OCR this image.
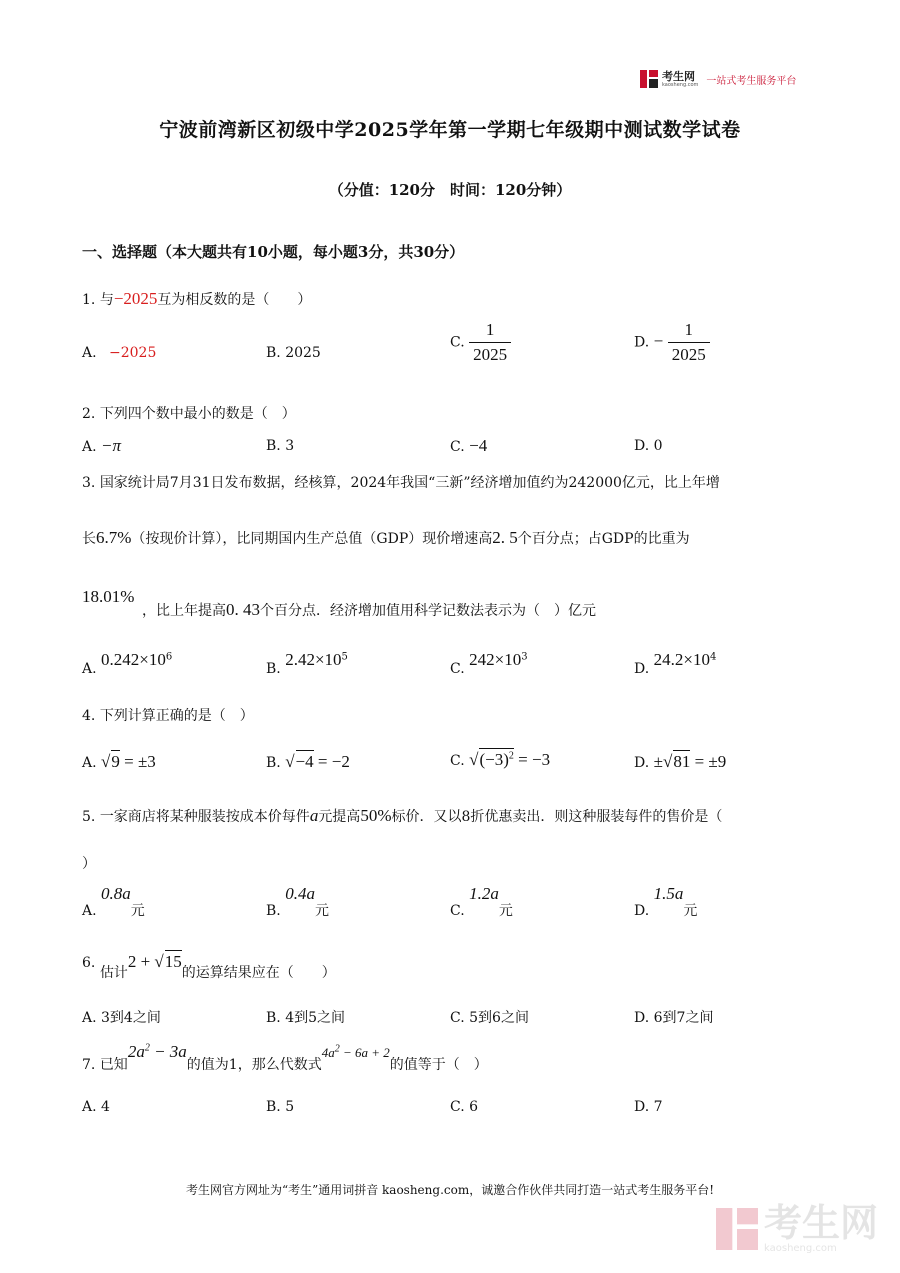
考生网
kaosheng.com 一站式考生服务平台
宁波前湾新区初级中学2025学年第一学期七年级期中测试数学试卷
（分值：120分　时间：120分钟）
一、选择题（本大题共有10小题，每小题3分，共30分）
1. 与−2025互为相反数的是（　　）
A. −2025	B. 2025
C. $\frac{1}{2025}$	D. − $\frac{1}{2025}$
2. 下列四个数中最小的数是（　）
A. −π	B. 3	C. −4	D. 0
3. 国家统计局7月31日发布数据，经核算，2024年我国“三新”经济增加值约为242000亿元，比上年增
长6.7%（按现价计算），比同期国内生产总值（GDP）现价增速高2. 5个百分点；占GDP的比重为
18.01%
，比上年提高0. 43个百分点．经济增加值用科学记数法表示为（　）亿元
A. $0.242\times 10^6$
B. $2.42\times 10^5$
C. $242\times 10^3$
D. $24.2\times 10^4$
4. 下列计算正确的是（　）
A. √9 = ±3	B. √−4 = −2	C. $√(-3)^2 = -3$	D. ±√81 = ±9
5. 一家商店将某种服装按成本价每件a元提高50%标价．又以8折优惠卖出．则这种服装每件的售价是（
）
A. 0.8a元	B. 0.4a元	C. 1.2a元	D. 1.5a元
6. 估计2 + √15的运算结果应在（　　）
A. 3到4之间	B. 4到5之间	C. 5到6之间	D. 6到7之间
7. 已知$2a^2 - 3a$的值为1，那么代数式$4a^2 - 6a + 2$的值等于（　）
A. 4	B. 5	C. 6	D. 7
考生网官方网址为“考生”通用词拼音 kaosheng.com，诚邀合作伙伴共同打造一站式考生服务平台!
考生网
kaosheng.com
